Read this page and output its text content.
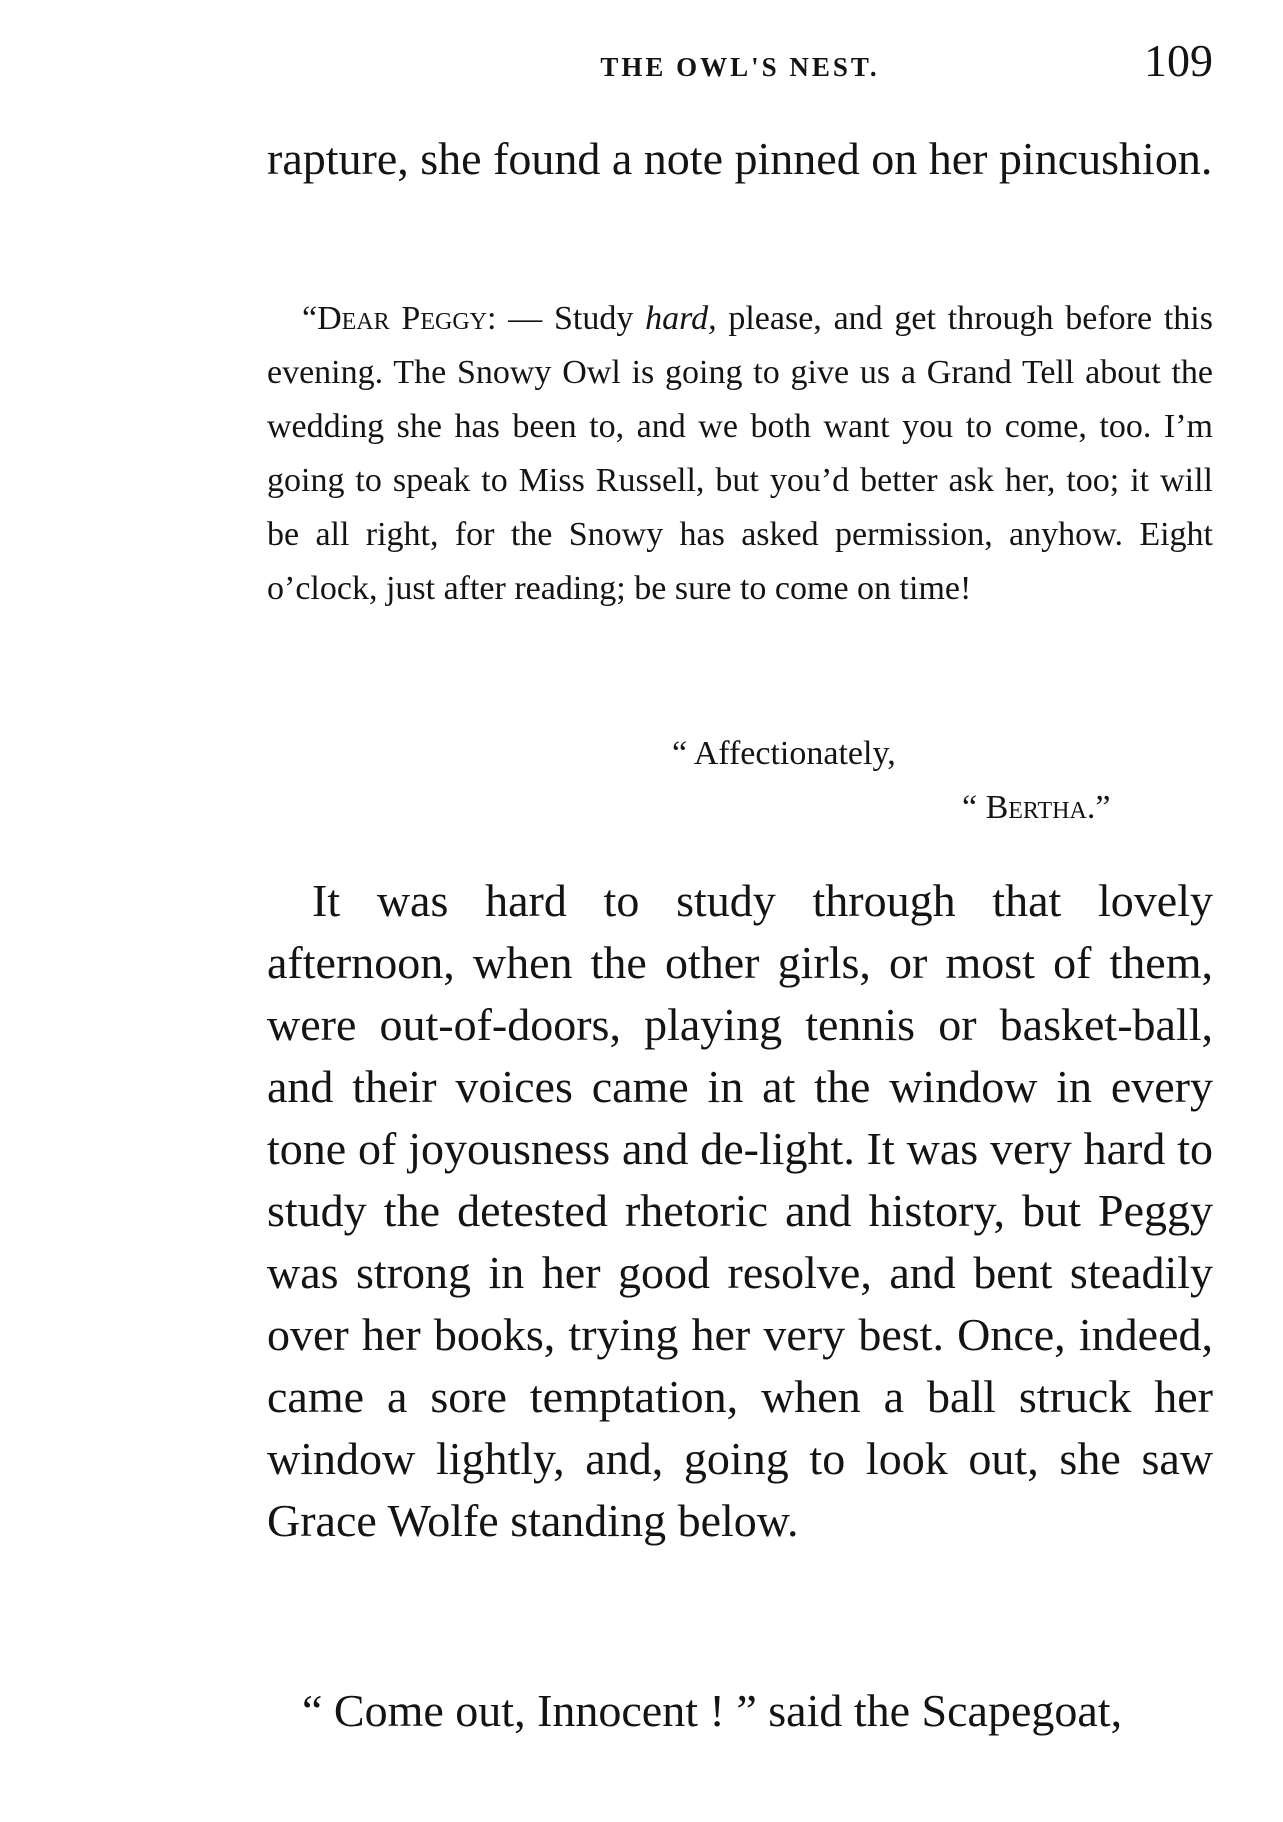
THE OWL'S NEST.	109

rapture, she found a note pinned on her pincushion.

“Dear Peggy: — Study hard, please, and get through before this evening. The Snowy Owl is going to give us a Grand Tell about the wedding she has been to, and we both want you to come, too. I’m going to speak to Miss Russell, but you’d better ask her, too; it will be all right, for the Snowy has asked permission, anyhow. Eight o’clock, just after reading; be sure to come on time!

“ Affectionately,
“ Bertha.”

It was hard to study through that lovely afternoon, when the other girls, or most of them, were out-of-doors, playing tennis or basket-ball, and their voices came in at the window in every tone of joyousness and de-light. It was very hard to study the detested rhetoric and history, but Peggy was strong in her good resolve, and bent steadily over her books, trying her very best. Once, indeed, came a sore temptation, when a ball struck her window lightly, and, going to look out, she saw Grace Wolfe standing below.

“ Come out, Innocent ! ” said the Scapegoat,
